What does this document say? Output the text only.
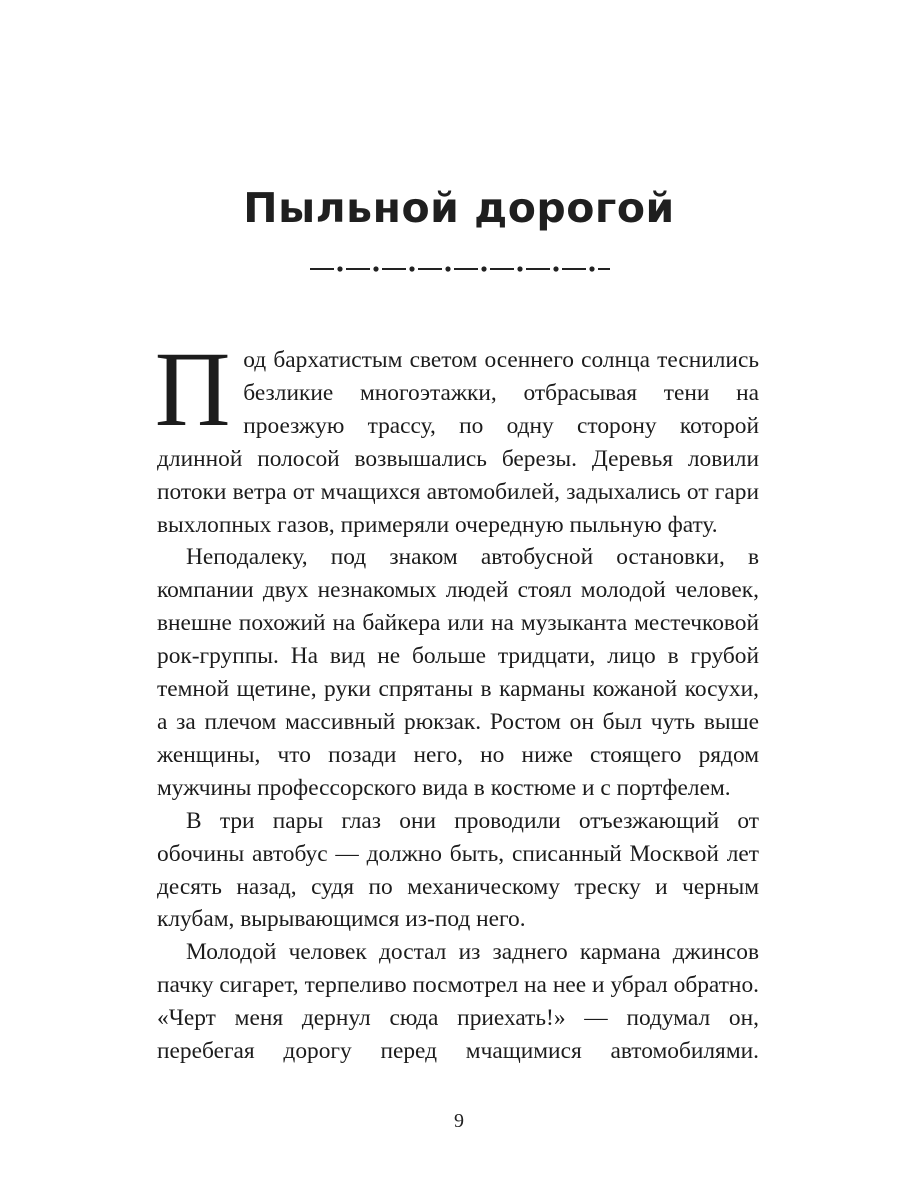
Пыльной дорогой

Под бархатистым светом осеннего солнца теснились безликие многоэтажки, отбрасывая тени на проезжую трассу, по одну сторону которой длинной полосой возвышались березы. Деревья ловили потоки ветра от мчащихся автомобилей, задыхались от гари выхлопных газов, примеряли очередную пыльную фату.

Неподалеку, под знаком автобусной остановки, в компании двух незнакомых людей стоял молодой человек, внешне похожий на байкера или на музыканта местечковой рок-группы. На вид не больше тридцати, лицо в грубой темной щетине, руки спрятаны в карманы кожаной косухи, а за плечом массивный рюкзак. Ростом он был чуть выше женщины, что позади него, но ниже стоящего рядом мужчины профессорского вида в костюме и с портфелем.

В три пары глаз они проводили отъезжающий от обочины автобус — должно быть, списанный Москвой лет десять назад, судя по механическому треску и черным клубам, вырывающимся из-под него.

Молодой человек достал из заднего кармана джинсов пачку сигарет, терпеливо посмотрел на нее и убрал обратно. «Черт меня дернул сюда приехать!» — подумал он, перебегая дорогу перед мчащимися автомобилями.

9
